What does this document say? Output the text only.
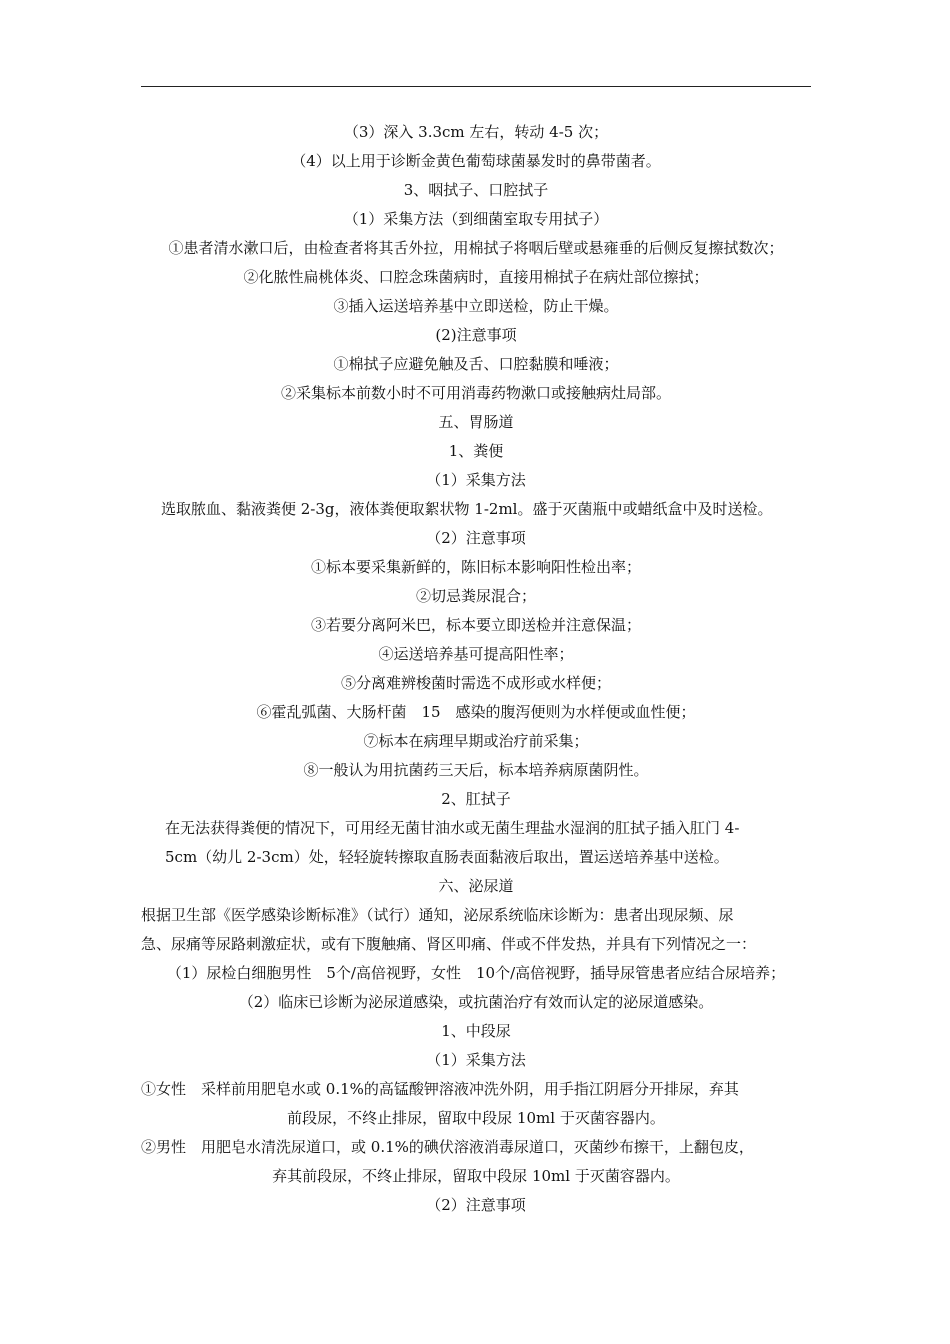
（3）深入 3.3cm 左右，转动 4-5 次；
（4）以上用于诊断金黄色葡萄球菌暴发时的鼻带菌者。
3、咽拭子、口腔拭子
（1）采集方法（到细菌室取专用拭子）
①患者清水漱口后，由检查者将其舌外拉，用棉拭子将咽后壁或悬雍垂的后侧反复擦拭数次；
②化脓性扁桃体炎、口腔念珠菌病时，直接用棉拭子在病灶部位擦拭；
③插入运送培养基中立即送检，防止干燥。
(2)注意事项
①棉拭子应避免触及舌、口腔黏膜和唾液；
②采集标本前数小时不可用消毒药物漱口或接触病灶局部。
五、胃肠道
1、粪便
（1）采集方法
选取脓血、黏液粪便 2-3g，液体粪便取絮状物 1-2ml。盛于灭菌瓶中或蜡纸盒中及时送检。
（2）注意事项
①标本要采集新鲜的，陈旧标本影响阳性检出率；
②切忌粪尿混合；
③若要分离阿米巴，标本要立即送检并注意保温；
④运送培养基可提高阳性率；
⑤分离难辨梭菌时需选不成形或水样便；
⑥霍乱弧菌、大肠杆菌　15　感染的腹泻便则为水样便或血性便；
⑦标本在病理早期或治疗前采集；
⑧一般认为用抗菌药三天后，标本培养病原菌阴性。
2、肛拭子
在无法获得粪便的情况下，可用经无菌甘油水或无菌生理盐水湿润的肛拭子插入肛门 4-
5cm（幼儿 2-3cm）处，轻轻旋转擦取直肠表面黏液后取出，置运送培养基中送检。
六、泌尿道
根据卫生部《医学感染诊断标准》（试行）通知，泌尿系统临床诊断为：患者出现尿频、尿
急、尿痛等尿路刺激症状，或有下腹触痛、肾区叩痛、伴或不伴发热，并具有下列情况之一：
（1）尿检白细胞男性　5个/高倍视野，女性　10个/高倍视野，插导尿管患者应结合尿培养；
（2）临床已诊断为泌尿道感染，或抗菌治疗有效而认定的泌尿道感染。
1、中段尿
（1）采集方法
①女性　采样前用肥皂水或 0.1%的高锰酸钾溶液冲洗外阴，用手指江阴唇分开排尿，弃其
前段尿，不终止排尿，留取中段尿 10ml 于灭菌容器内。
②男性　用肥皂水清洗尿道口，或 0.1%的碘伏溶液消毒尿道口，灭菌纱布擦干，上翻包皮，
弃其前段尿，不终止排尿，留取中段尿 10ml 于灭菌容器内。
（2）注意事项
